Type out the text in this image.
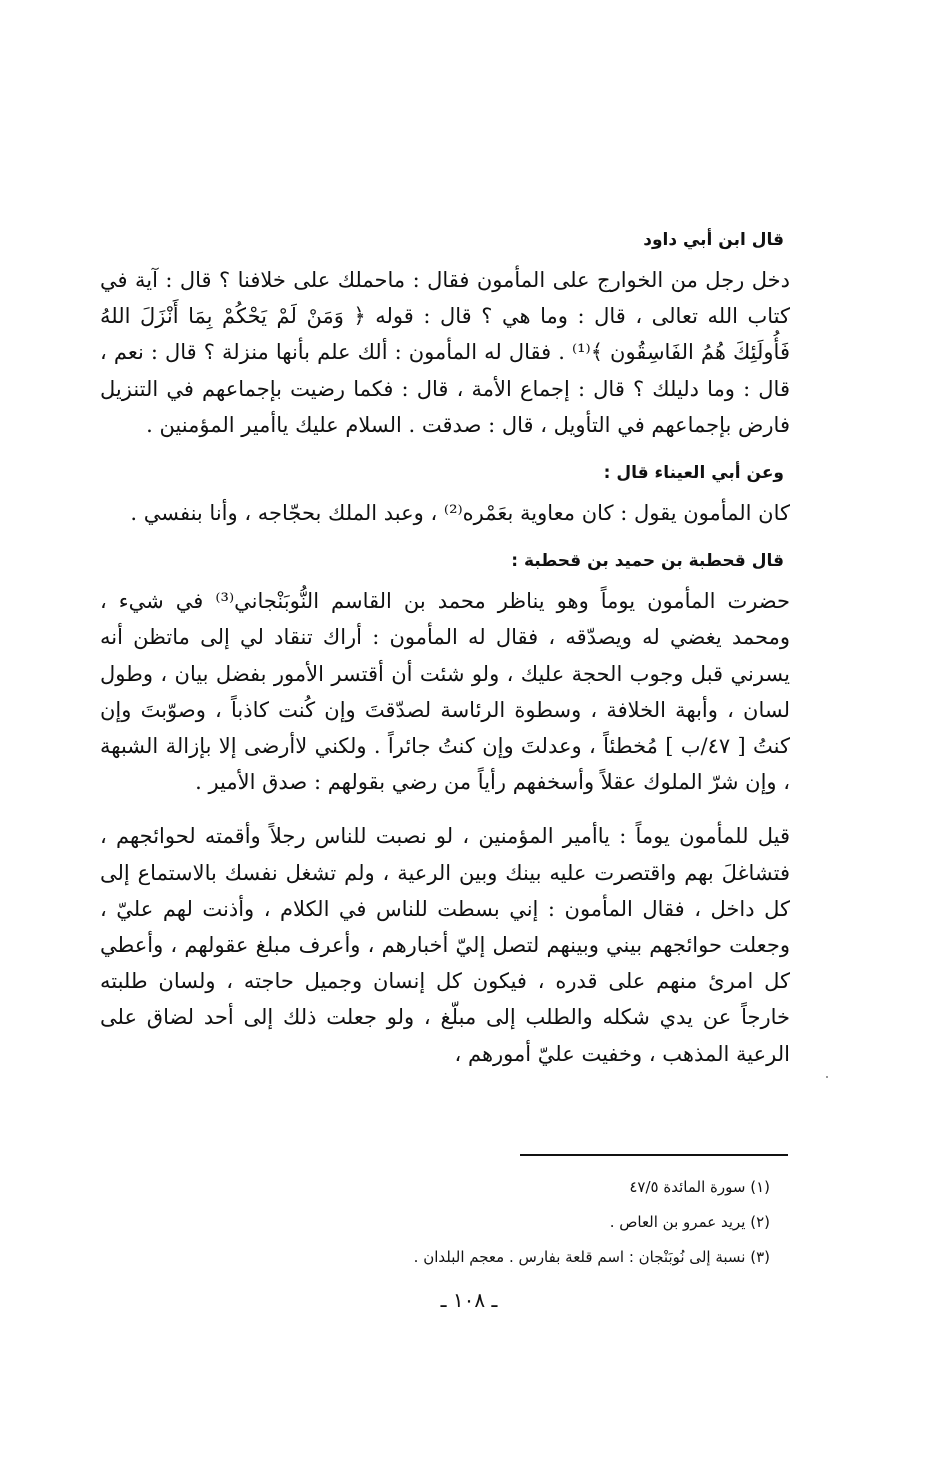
قال ابن أبي داود

دخل رجل من الخوارج على المأمون فقال : ماحملك على خلافنا ؟ قال : آية في كتاب الله تعالى ، قال : وما هي ؟ قال : قوله ﴿ وَمَنْ لَمْ يَحْكُمْ بِمَا أَنْزَلَ اللهُ فَأُولَئِكَ هُمُ الفَاسِقُون ﴾⁽¹⁾ . فقال له المأمون : ألك علم بأنها منزلة ؟ قال : نعم ، قال : وما دليلك ؟ قال : إجماع الأمة ، قال : فكما رضيت بإجماعهم في التنزيل فارض بإجماعهم في التأويل ، قال : صدقت . السلام عليك ياأمير المؤمنين .

وعن أبي العيناء قال :

كان المأمون يقول : كان معاوية بعَمْره⁽²⁾ ، وعبد الملك بحجّاجه ، وأنا بنفسي .

قال قحطبة بن حميد بن قحطبة :

حضرت المأمون يوماً وهو يناظر محمد بن القاسم النُّوبَنْجاني⁽³⁾ في شيء ، ومحمد يغضي له ويصدّقه ، فقال له المأمون : أراك تنقاد لي إلى ماتظن أنه يسرني قبل وجوب الحجة عليك ، ولو شئت أن أقتسر الأمور بفضل بيان ، وطول لسان ، وأبهة الخلافة ، وسطوة الرئاسة لصدّقتَ وإن كُنت كاذباً ، وصوّبتَ وإن كنتُ [ ٤٧/ب ] مُخطئاً ، وعدلتَ وإن كنتُ جائراً . ولكني لاأرضى إلا بإزالة الشبهة ، وإن شرّ الملوك عقلاً وأسخفهم رأياً من رضي بقولهم : صدق الأمير .

قيل للمأمون يوماً : ياأمير المؤمنين ، لو نصبت للناس رجلاً وأقمته لحوائجهم ، فتشاغلَ بهم واقتصرت عليه بينك وبين الرعية ، ولم تشغل نفسك بالاستماع إلى كل داخل ، فقال المأمون : إني بسطت للناس في الكلام ، وأذنت لهم عليّ ، وجعلت حوائجهم بيني وبينهم لتصل إليّ أخبارهم ، وأعرف مبلغ عقولهم ، وأعطي كل امرئ منهم على قدره ، فيكون كل إنسان وجميل حاجته ، ولسان طلبته خارجاً عن يدي شكله والطلب إلى مبلّغ ، ولو جعلت ذلك إلى أحد لضاق على الرعية المذهب ، وخفيت عليّ أمورهم ،

(١) سورة المائدة ٤٧/٥
(٢) يريد عمرو بن العاص .
(٣) نسبة إلى نُوبَنْجان : اسم قلعة بفارس . معجم البلدان .
ـ ١٠٨ ـ
